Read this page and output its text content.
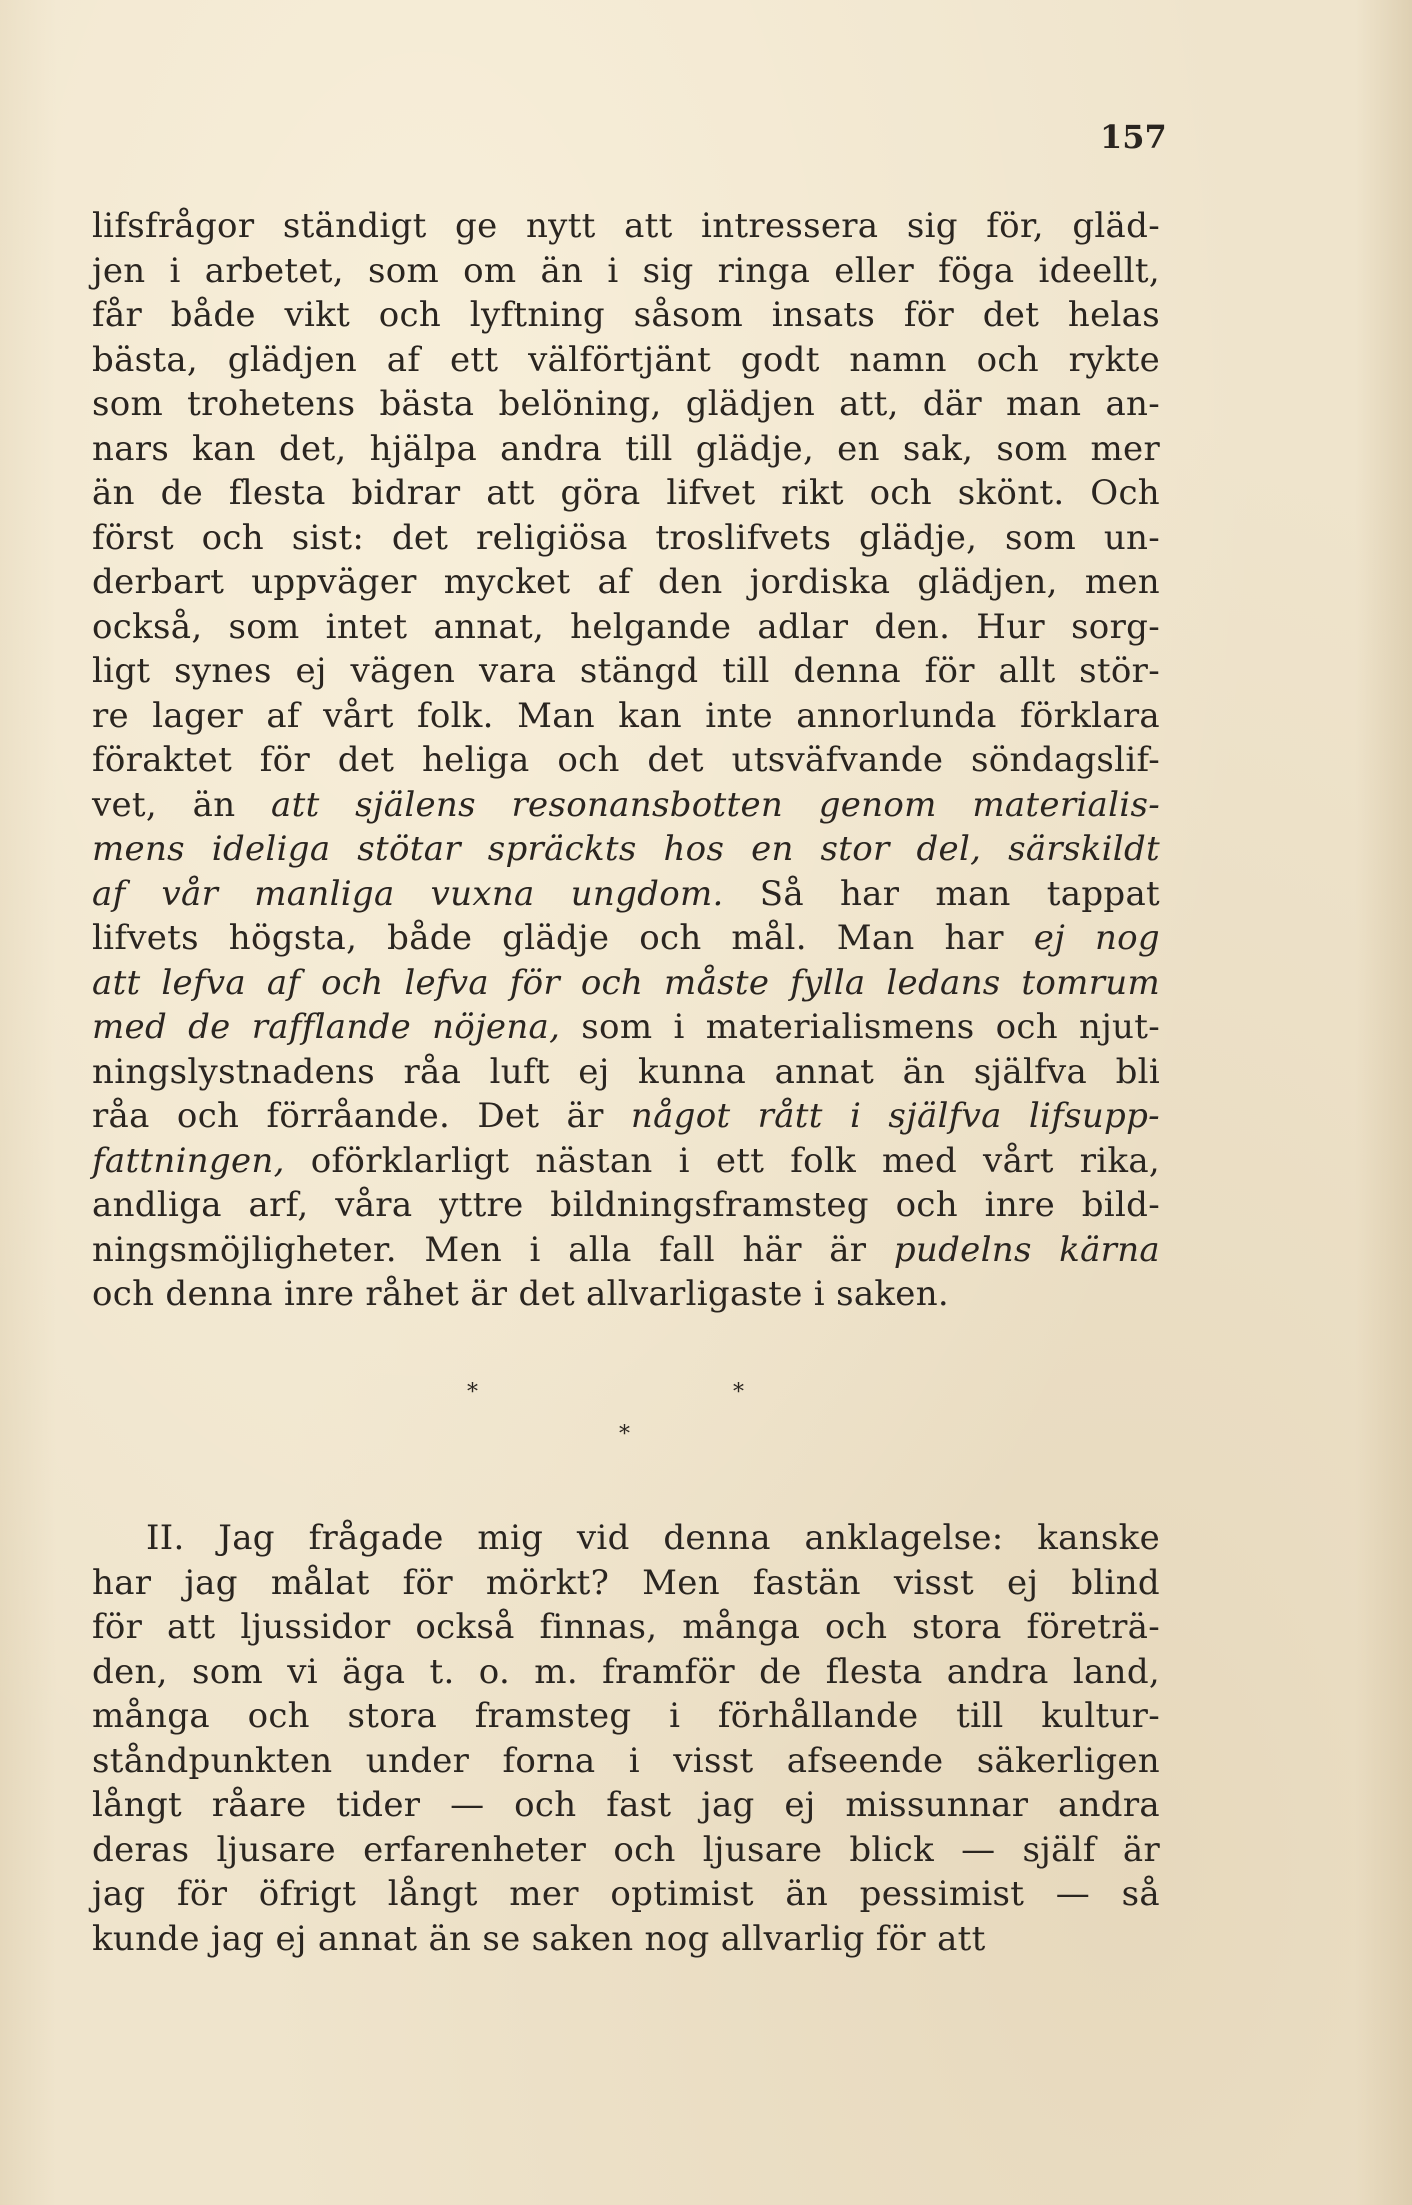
157
lifsfrågor ständigt ge nytt att intressera sig för, gläd-
jen i arbetet, som om än i sig ringa eller föga ideellt,
får både vikt och lyftning såsom insats för det helas
bästa, glädjen af ett välförtjänt godt namn och rykte
som trohetens bästa belöning, glädjen att, där man an-
nars kan det, hjälpa andra till glädje, en sak, som mer
än de flesta bidrar att göra lifvet rikt och skönt. Och
först och sist: det religiösa troslifvets glädje, som un-
derbart uppväger mycket af den jordiska glädjen, men
också, som intet annat, helgande adlar den. Hur sorg-
ligt synes ej vägen vara stängd till denna för allt stör-
re lager af vårt folk. Man kan inte annorlunda förklara
föraktet för det heliga och det utsväfvande söndagslif-
vet, än att själens resonansbotten genom materialis-
mens ideliga stötar spräckts hos en stor del, särskildt
af vår manliga vuxna ungdom. Så har man tappat
lifvets högsta, både glädje och mål. Man har ej nog
att lefva af och lefva för och måste fylla ledans tomrum
med de rafflande nöjena, som i materialismens och njut-
ningslystnadens råa luft ej kunna annat än själfva bli
råa och förråande. Det är något rått i själfva lifsupp-
fattningen, oförklarligt nästan i ett folk med vårt rika,
andliga arf, våra yttre bildningsframsteg och inre bild-
ningsmöjligheter. Men i alla fall här är pudelns kärna
och denna inre råhet är det allvarligaste i saken.
*	*
*
II. Jag frågade mig vid denna anklagelse: kanske
har jag målat för mörkt? Men fastän visst ej blind
för att ljussidor också finnas, många och stora företrä-
den, som vi äga t. o. m. framför de flesta andra land,
många och stora framsteg i förhållande till kultur-
ståndpunkten under forna i visst afseende säkerligen
långt råare tider — och fast jag ej missunnar andra
deras ljusare erfarenheter och ljusare blick — själf är
jag för öfrigt långt mer optimist än pessimist — så
kunde jag ej annat än se saken nog allvarlig för att
